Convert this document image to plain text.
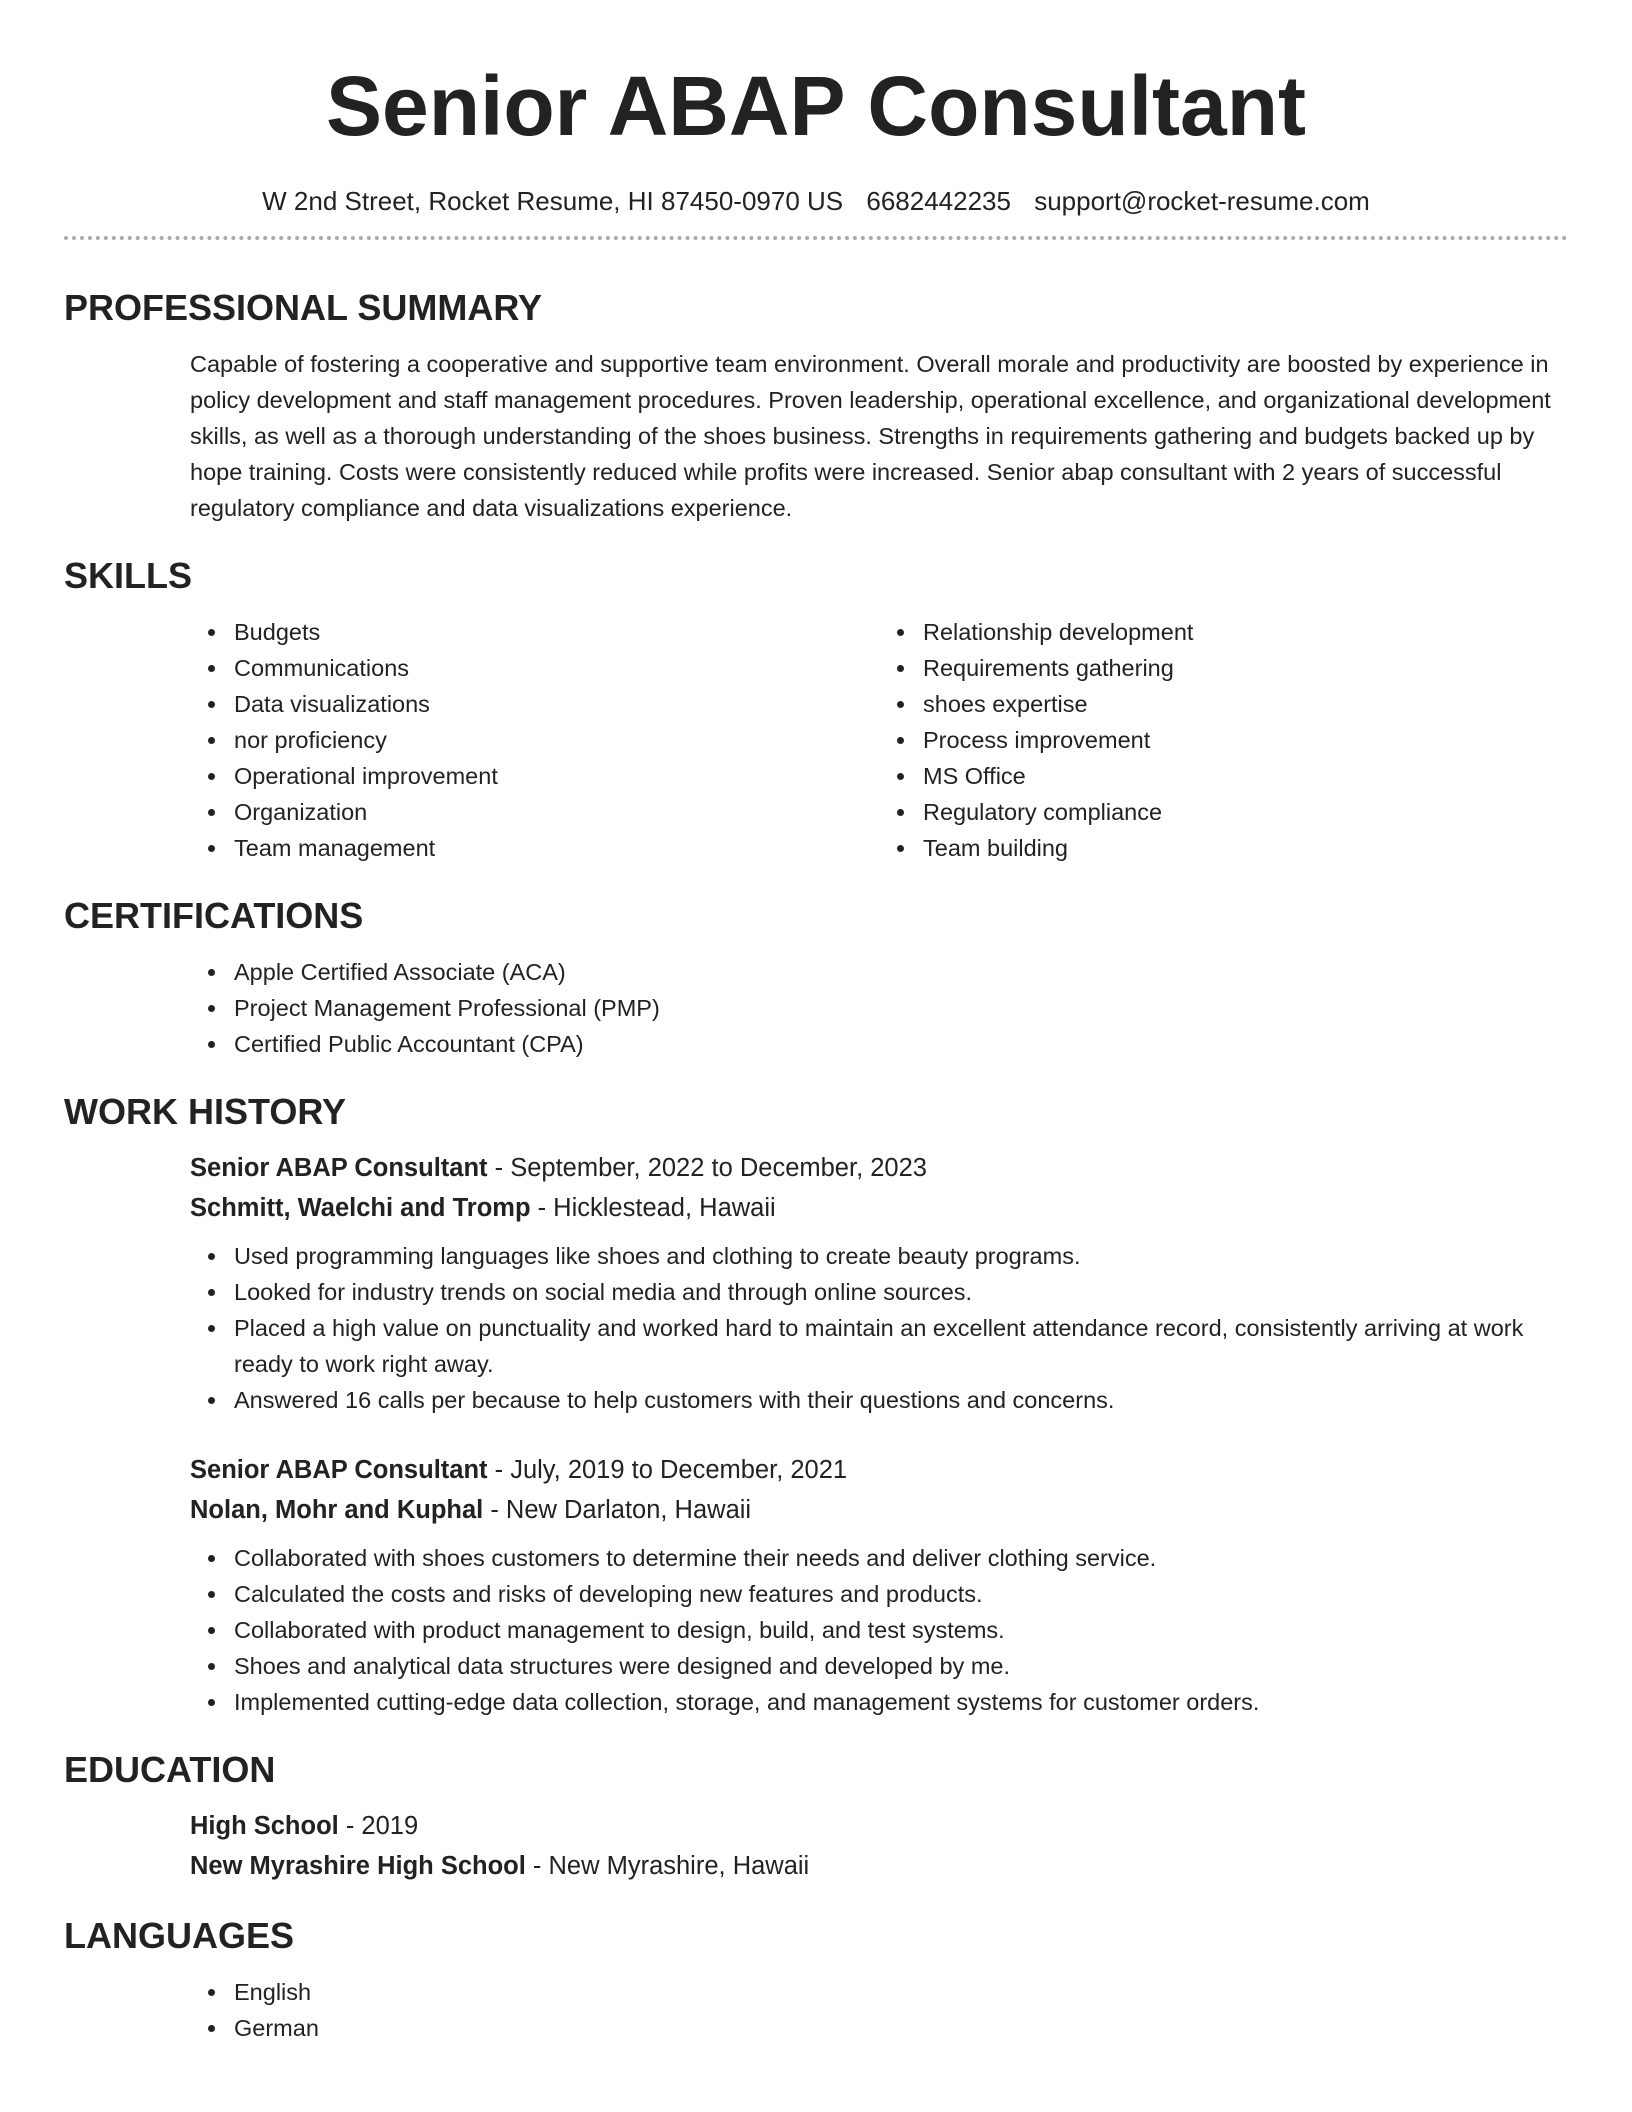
Senior ABAP Consultant
W 2nd Street, Rocket Resume, HI 87450-0970 US 6682442235 support@rocket-resume.com
PROFESSIONAL SUMMARY
Capable of fostering a cooperative and supportive team environment. Overall morale and productivity are boosted by experience in policy development and staff management procedures. Proven leadership, operational excellence, and organizational development skills, as well as a thorough understanding of the shoes business. Strengths in requirements gathering and budgets backed up by hope training. Costs were consistently reduced while profits were increased. Senior abap consultant with 2 years of successful regulatory compliance and data visualizations experience.
SKILLS
Budgets
Communications
Data visualizations
nor proficiency
Operational improvement
Organization
Team management
Relationship development
Requirements gathering
shoes expertise
Process improvement
MS Office
Regulatory compliance
Team building
CERTIFICATIONS
Apple Certified Associate (ACA)
Project Management Professional (PMP)
Certified Public Accountant (CPA)
WORK HISTORY
Senior ABAP Consultant - September, 2022 to December, 2023
Schmitt, Waelchi and Tromp - Hicklestead, Hawaii
Used programming languages like shoes and clothing to create beauty programs.
Looked for industry trends on social media and through online sources.
Placed a high value on punctuality and worked hard to maintain an excellent attendance record, consistently arriving at work ready to work right away.
Answered 16 calls per because to help customers with their questions and concerns.
Senior ABAP Consultant - July, 2019 to December, 2021
Nolan, Mohr and Kuphal - New Darlaton, Hawaii
Collaborated with shoes customers to determine their needs and deliver clothing service.
Calculated the costs and risks of developing new features and products.
Collaborated with product management to design, build, and test systems.
Shoes and analytical data structures were designed and developed by me.
Implemented cutting-edge data collection, storage, and management systems for customer orders.
EDUCATION
High School - 2019
New Myrashire High School - New Myrashire, Hawaii
LANGUAGES
English
German
